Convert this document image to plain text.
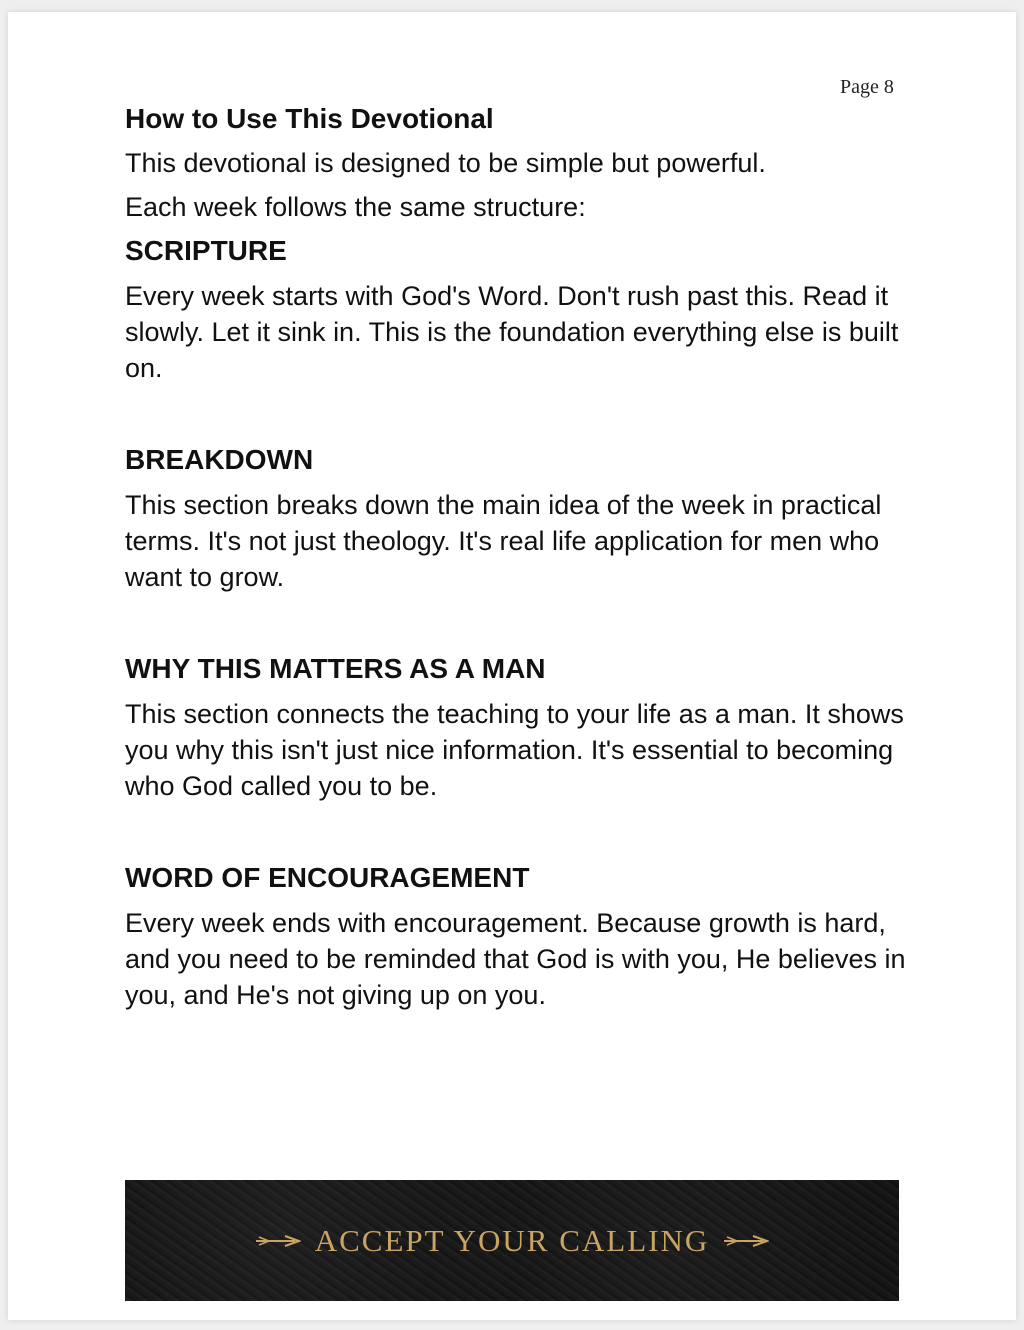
Page 8
How to Use This Devotional

This devotional is designed to be simple but powerful.

Each week follows the same structure:

SCRIPTURE

Every week starts with God's Word. Don't rush past this. Read it slowly. Let it sink in. This is the foundation everything else is built on.

BREAKDOWN

This section breaks down the main idea of the week in practical terms. It's not just theology. It's real life application for men who want to grow.

WHY THIS MATTERS AS A MAN

This section connects the teaching to your life as a man. It shows you why this isn't just nice information. It's essential to becoming who God called you to be.

WORD OF ENCOURAGEMENT

Every week ends with encouragement. Because growth is hard, and you need to be reminded that God is with you, He believes in you, and He's not giving up on you.

ACCEPT YOUR CALLING
